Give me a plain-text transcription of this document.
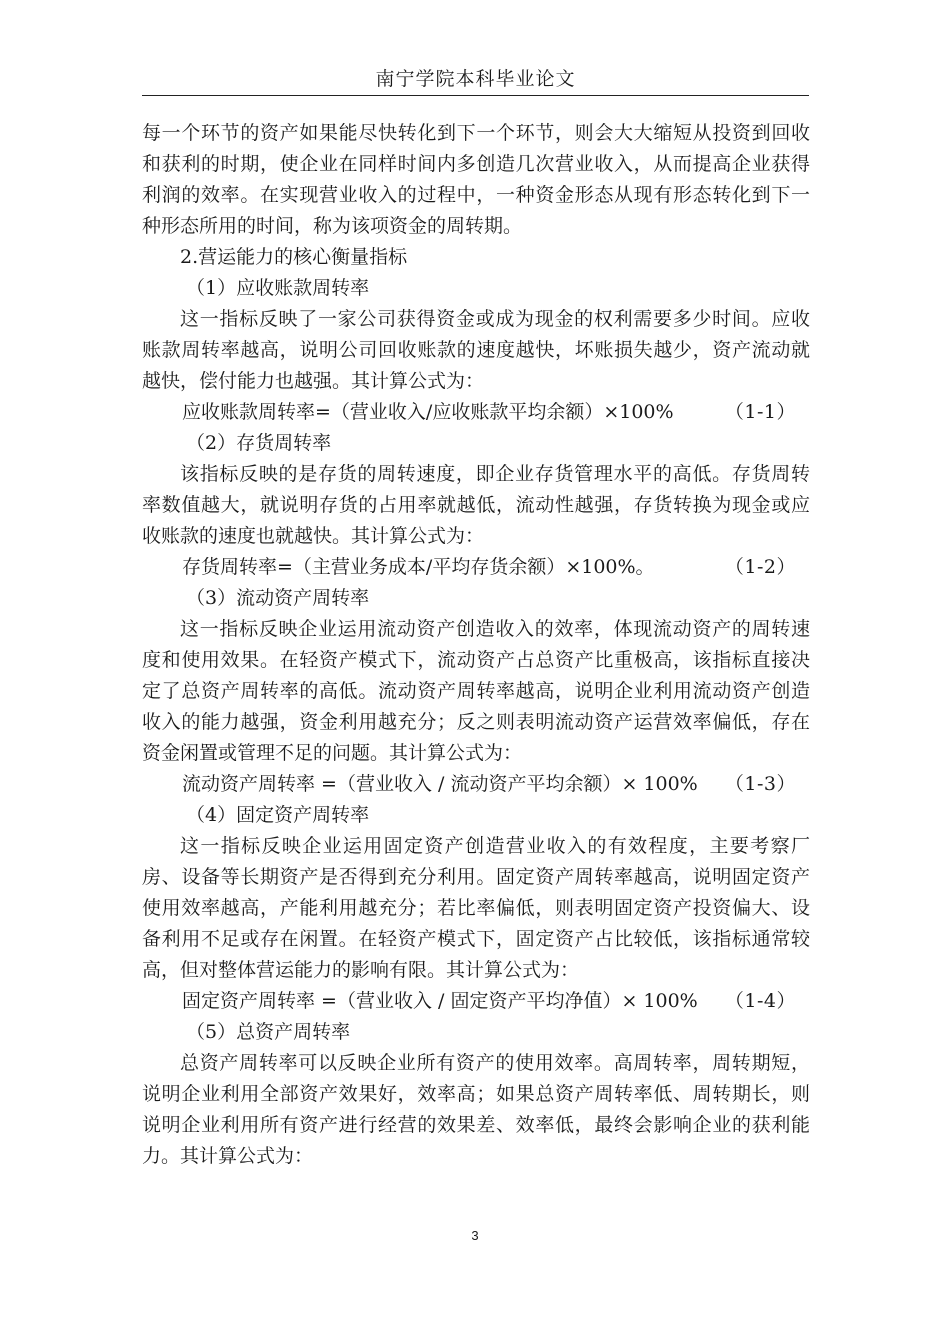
南宁学院本科毕业论文
每一个环节的资产如果能尽快转化到下一个环节，则会大大缩短从投资到回收
和获利的时期，使企业在同样时间内多创造几次营业收入，从而提高企业获得
利润的效率。在实现营业收入的过程中，一种资金形态从现有形态转化到下一
种形态所用的时间，称为该项资金的周转期。
2.营运能力的核心衡量指标
（1）应收账款周转率
这一指标反映了一家公司获得资金或成为现金的权利需要多少时间。应收
账款周转率越高，说明公司回收账款的速度越快，坏账损失越少，资产流动就
越快，偿付能力也越强。其计算公式为：
应收账款周转率=（营业收入/应收账款平均余额）×100%	（1-1）
（2）存货周转率
该指标反映的是存货的周转速度，即企业存货管理水平的高低。存货周转
率数值越大，就说明存货的占用率就越低，流动性越强，存货转换为现金或应
收账款的速度也就越快。其计算公式为：
存货周转率=（主营业务成本/平均存货余额）×100%。	（1-2）
（3）流动资产周转率
这一指标反映企业运用流动资产创造收入的效率，体现流动资产的周转速
度和使用效果。在轻资产模式下，流动资产占总资产比重极高，该指标直接决
定了总资产周转率的高低。流动资产周转率越高，说明企业利用流动资产创造
收入的能力越强，资金利用越充分；反之则表明流动资产运营效率偏低，存在
资金闲置或管理不足的问题。其计算公式为：
流动资产周转率 =（营业收入 / 流动资产平均余额）× 100% （1-3）
（4）固定资产周转率
这一指标反映企业运用固定资产创造营业收入的有效程度，主要考察厂
房、设备等长期资产是否得到充分利用。固定资产周转率越高，说明固定资产
使用效率越高，产能利用越充分；若比率偏低，则表明固定资产投资偏大、设
备利用不足或存在闲置。在轻资产模式下，固定资产占比较低，该指标通常较
高，但对整体营运能力的影响有限。其计算公式为：
固定资产周转率 =（营业收入 / 固定资产平均净值）× 100% （1-4）
（5）总资产周转率
总资产周转率可以反映企业所有资产的使用效率。高周转率，周转期短，
说明企业利用全部资产效果好，效率高；如果总资产周转率低、周转期长，则
说明企业利用所有资产进行经营的效果差、效率低，最终会影响企业的获利能
力。其计算公式为：
3
